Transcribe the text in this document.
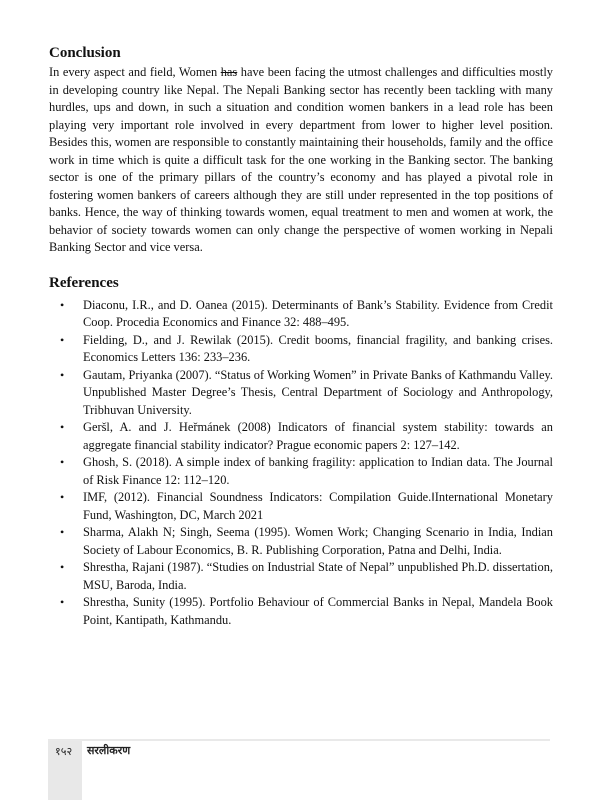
Conclusion

In every aspect and field, Women has have been facing the utmost challenges and difficulties mostly in developing country like Nepal. The Nepali Banking sector has recently been tackling with many hurdles, ups and down, in such a situation and condition women bankers in a lead role has been playing very important role involved in every department from lower to higher level position. Besides this, women are responsible to constantly maintaining their households, family and the office work in time which is quite a difficult task for the one working in the Banking sector. The banking sector is one of the primary pillars of the country’s economy and has played a pivotal role in fostering women bankers of careers although they are still under represented in the top positions of banks. Hence, the way of thinking towards women, equal treatment to men and women at work, the behavior of society towards women can only change the perspective of women working in Nepali Banking Sector and vice versa.

References
• Diaconu, I.R., and D. Oanea (2015). Determinants of Bank’s Stability. Evidence from Credit Coop. Procedia Economics and Finance 32: 488–495.
• Fielding, D., and J. Rewilak (2015). Credit booms, financial fragility, and banking crises. Economics Letters 136: 233–236.
• Gautam, Priyanka (2007). “Status of Working Women” in Private Banks of Kathmandu Valley. Unpublished Master Degree’s Thesis, Central Department of Sociology and Anthropology, Tribhuvan University.
• Geršl, A. and J. Heřmánek (2008) Indicators of financial system stability: towards an aggregate financial stability indicator? Prague economic papers 2: 127–142.
• Ghosh, S. (2018). A simple index of banking fragility: application to Indian data. The Journal of Risk Finance 12: 112–120.
• IMF, (2012). Financial Soundness Indicators: Compilation Guide.‖International Monetary Fund, Washington, DC, March 2021
• Sharma, Alakh N; Singh, Seema (1995). Women Work; Changing Scenario in India, Indian Society of Labour Economics, B. R. Publishing Corporation, Patna and Delhi, India.
• Shrestha, Rajani (1987). “Studies on Industrial State of Nepal” unpublished Ph.D. dissertation, MSU, Baroda, India.
• Shrestha, Sunity (1995). Portfolio Behaviour of Commercial Banks in Nepal, Mandela Book Point, Kantipath, Kathmandu.
१५२ सरलीकरण
